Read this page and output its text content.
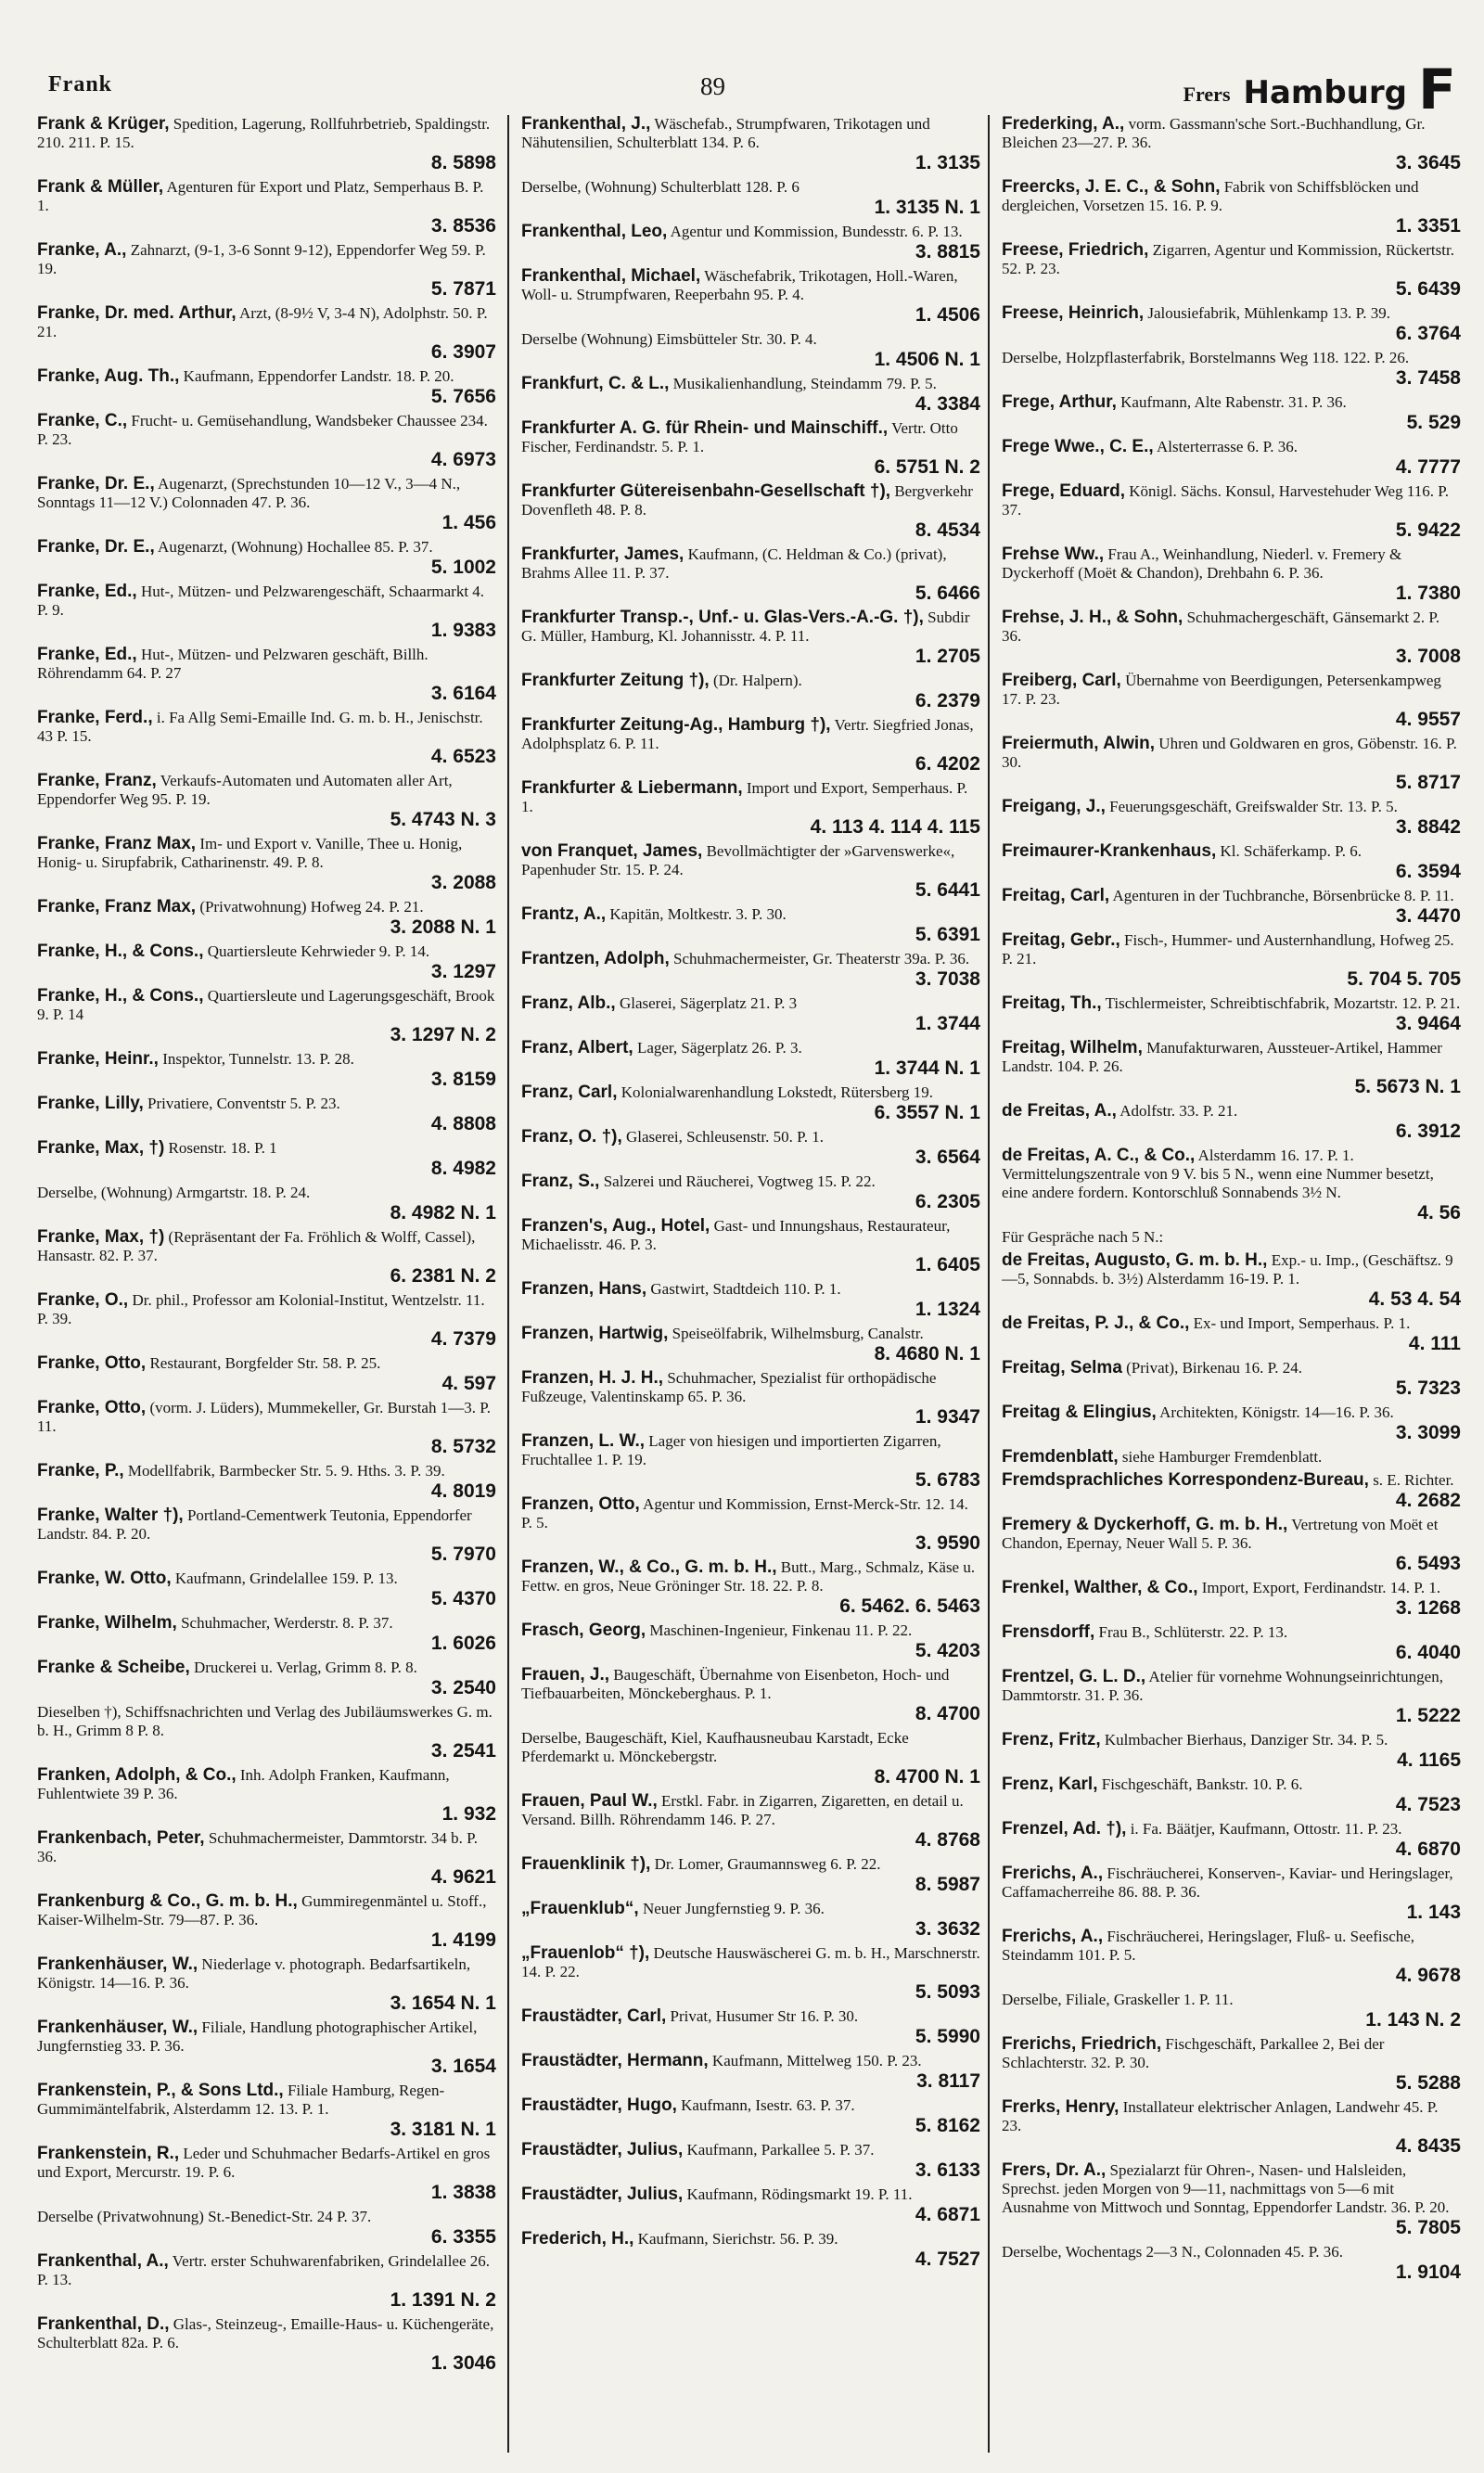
Frank	89	Frers Hamburg F
Frank & Krüger, Spedition, Lagerung, Rollfuhrbetrieb, Spaldingstr. 210. 211. P. 15.
8. 5898
Frank & Müller, Agenturen für Export und Platz, Semperhaus B. P. 1.
3. 8536
Franke, A., Zahnarzt, (9-1, 3-6 Sonnt 9-12), Eppendorfer Weg 59. P. 19.
5. 7871
Franke, Dr. med. Arthur, Arzt, (8-9½ V, 3-4 N), Adolphstr. 50. P. 21.
6. 3907
Franke, Aug. Th., Kaufmann, Eppendorfer Landstr. 18. P. 20.
5. 7656
Franke, C., Frucht- u. Gemüsehandlung, Wandsbeker Chaussee 234. P. 23.
4. 6973
Franke, Dr. E., Augenarzt, (Sprechstunden 10—12 V., 3—4 N., Sonntags 11—12 V.) Colonnaden 47. P. 36.
1. 456
Franke, Dr. E., Augenarzt, (Wohnung) Hochallee 85. P. 37.
5. 1002
Franke, Ed., Hut-, Mützen- und Pelzwarengeschäft, Schaarmarkt 4. P. 9.
1. 9383
Franke, Ed., Hut-, Mützen- und Pelzwaren geschäft, Billh. Röhrendamm 64. P. 27
3. 6164
Franke, Ferd., i. Fa Allg Semi-Emaille Ind. G. m. b. H., Jenischstr. 43 P. 15.
4. 6523
Franke, Franz, Verkaufs-Automaten und Automaten aller Art, Eppendorfer Weg 95. P. 19.
5. 4743 N. 3
Franke, Franz Max, Im- und Export v. Vanille, Thee u. Honig, Honig- u. Sirupfabrik, Catharinenstr. 49. P. 8.
3. 2088
Franke, Franz Max, (Privatwohnung) Hofweg 24. P. 21.
3. 2088 N. 1
Franke, H., & Cons., Quartiersleute Kehrwieder 9. P. 14.
3. 1297
Franke, H., & Cons., Quartiersleute und Lagerungsgeschäft, Brook 9. P. 14
3. 1297 N. 2
Franke, Heinr., Inspektor, Tunnelstr. 13. P. 28.
3. 8159
Franke, Lilly, Privatiere, Conventstr 5. P. 23.
4. 8808
Franke, Max, †) Rosenstr. 18. P. 1
8. 4982
Derselbe, (Wohnung) Armgartstr. 18. P. 24.
8. 4982 N. 1
Franke, Max, †) (Repräsentant der Fa. Fröhlich & Wolff, Cassel), Hansastr. 82. P. 37.
6. 2381 N. 2
Franke, O., Dr. phil., Professor am Kolonial-Institut, Wentzelstr. 11. P. 39.
4. 7379
Franke, Otto, Restaurant, Borgfelder Str. 58. P. 25.
4. 597
Franke, Otto, (vorm. J. Lüders), Mummekeller, Gr. Burstah 1—3. P. 11.
8. 5732
Franke, P., Modellfabrik, Barmbecker Str. 5. 9. Hths. 3. P. 39.
4. 8019
Franke, Walter †), Portland-Cementwerk Teutonia, Eppendorfer Landstr. 84. P. 20.
5. 7970
Franke, W. Otto, Kaufmann, Grindelallee 159. P. 13.
5. 4370
Franke, Wilhelm, Schuhmacher, Werderstr. 8. P. 37.
1. 6026
Franke & Scheibe, Druckerei u. Verlag, Grimm 8. P. 8.
3. 2540
Dieselben †), Schiffsnachrichten und Verlag des Jubiläumswerkes G. m. b. H., Grimm 8 P. 8.
3. 2541
Franken, Adolph, & Co., Inh. Adolph Franken, Kaufmann, Fuhlentwiete 39 P. 36.
1. 932
Frankenbach, Peter, Schuhmachermeister, Dammtorstr. 34 b. P. 36.
4. 9621
Frankenburg & Co., G. m. b. H., Gummiregenmäntel u. Stoff., Kaiser-Wilhelm-Str. 79—87. P. 36.
1. 4199
Frankenhäuser, W., Niederlage v. photograph. Bedarfsartikeln, Königstr. 14—16. P. 36.
3. 1654 N. 1
Frankenhäuser, W., Filiale, Handlung photographischer Artikel, Jungfernstieg 33. P. 36.
3. 1654
Frankenstein, P., & Sons Ltd., Filiale Hamburg, Regen-Gummimäntelfabrik, Alsterdamm 12. 13. P. 1.
3. 3181 N. 1
Frankenstein, R., Leder und Schuhmacher Bedarfs-Artikel en gros und Export, Mercurstr. 19. P. 6.
1. 3838
Derselbe (Privatwohnung) St.-Benedict-Str. 24 P. 37.
6. 3355
Frankenthal, A., Vertr. erster Schuhwarenfabriken, Grindelallee 26. P. 13.
1. 1391 N. 2
Frankenthal, D., Glas-, Steinzeug-, Emaille-Haus- u. Küchengeräte, Schulterblatt 82a. P. 6.
1. 3046
Frankenthal, J., Wäschefab., Strumpfwaren, Trikotagen und Nähutensilien, Schulterblatt 134. P. 6.
1. 3135
Derselbe, (Wohnung) Schulterblatt 128. P. 6
1. 3135 N. 1
Frankenthal, Leo, Agentur und Kommission, Bundesstr. 6. P. 13.
3. 8815
Frankenthal, Michael, Wäschefabrik, Trikotagen, Holl.-Waren, Woll- u. Strumpfwaren, Reeperbahn 95. P. 4.
1. 4506
Derselbe (Wohnung) Eimsbütteler Str. 30. P. 4.
1. 4506 N. 1
Frankfurt, C. & L., Musikalienhandlung, Steindamm 79. P. 5.
4. 3384
Frankfurter A. G. für Rhein- und Mainschiff., Vertr. Otto Fischer, Ferdinandstr. 5. P. 1.
6. 5751 N. 2
Frankfurter Gütereisenbahn-Gesellschaft †), Bergverkehr Dovenfleth 48. P. 8.
8. 4534
Frankfurter, James, Kaufmann, (C. Heldman & Co.) (privat), Brahms Allee 11. P. 37.
5. 6466
Frankfurter Transp.-, Unf.- u. Glas-Vers.-A.-G. †), Subdir G. Müller, Hamburg, Kl. Johannisstr. 4. P. 11.
1. 2705
Frankfurter Zeitung †), (Dr. Halpern).
6. 2379
Frankfurter Zeitung-Ag., Hamburg †), Vertr. Siegfried Jonas, Adolphsplatz 6. P. 11.
6. 4202
Frankfurter & Liebermann, Import und Export, Semperhaus. P. 1.
4. 113 4. 114 4. 115
von Franquet, James, Bevollmächtigter der »Garvenswerke«, Papenhuder Str. 15. P. 24.
5. 6441
Frantz, A., Kapitän, Moltkestr. 3. P. 30.
5. 6391
Frantzen, Adolph, Schuhmachermeister, Gr. Theaterstr 39a. P. 36.
3. 7038
Franz, Alb., Glaserei, Sägerplatz 21. P. 3
1. 3744
Franz, Albert, Lager, Sägerplatz 26. P. 3.
1. 3744 N. 1
Franz, Carl, Kolonialwarenhandlung Lokstedt, Rütersberg 19.
6. 3557 N. 1
Franz, O. †), Glaserei, Schleusenstr. 50. P. 1.
3. 6564
Franz, S., Salzerei und Räucherei, Vogtweg 15. P. 22.
6. 2305
Franzen's, Aug., Hotel, Gast- und Innungshaus, Restaurateur, Michaelisstr. 46. P. 3.
1. 6405
Franzen, Hans, Gastwirt, Stadtdeich 110. P. 1.
1. 1324
Franzen, Hartwig, Speiseölfabrik, Wilhelmsburg, Canalstr.
8. 4680 N. 1
Franzen, H. J. H., Schuhmacher, Spezialist für orthopädische Fußzeuge, Valentinskamp 65. P. 36.
1. 9347
Franzen, L. W., Lager von hiesigen und importierten Zigarren, Fruchtallee 1. P. 19.
5. 6783
Franzen, Otto, Agentur und Kommission, Ernst-Merck-Str. 12. 14. P. 5.
3. 9590
Franzen, W., & Co., G. m. b. H., Butt., Marg., Schmalz, Käse u. Fettw. en gros, Neue Gröninger Str. 18. 22. P. 8.
6. 5462. 6. 5463
Frasch, Georg, Maschinen-Ingenieur, Finkenau 11. P. 22.
5. 4203
Frauen, J., Baugeschäft, Übernahme von Eisenbeton, Hoch- und Tiefbauarbeiten, Mönckeberghaus. P. 1.
8. 4700
Derselbe, Baugeschäft, Kiel, Kaufhausneubau Karstadt, Ecke Pferdemarkt u. Mönckebergstr.
8. 4700 N. 1
Frauen, Paul W., Erstkl. Fabr. in Zigarren, Zigaretten, en detail u. Versand. Billh. Röhrendamm 146. P. 27.
4. 8768
Frauenklinik †), Dr. Lomer, Graumannsweg 6. P. 22.
8. 5987
„Frauenklub“, Neuer Jungfernstieg 9. P. 36.
3. 3632
„Frauenlob“ †), Deutsche Hauswäscherei G. m. b. H., Marschnerstr. 14. P. 22.
5. 5093
Fraustädter, Carl, Privat, Husumer Str 16. P. 30.
5. 5990
Fraustädter, Hermann, Kaufmann, Mittelweg 150. P. 23.
3. 8117
Fraustädter, Hugo, Kaufmann, Isestr. 63. P. 37.
5. 8162
Fraustädter, Julius, Kaufmann, Parkallee 5. P. 37.
3. 6133
Fraustädter, Julius, Kaufmann, Rödingsmarkt 19. P. 11.
4. 6871
Frederich, H., Kaufmann, Sierichstr. 56. P. 39.
4. 7527
Frederking, A., vorm. Gassmann'sche Sort.-Buchhandlung, Gr. Bleichen 23—27. P. 36.
3. 3645
Freercks, J. E. C., & Sohn, Fabrik von Schiffsblöcken und dergleichen, Vorsetzen 15. 16. P. 9.
1. 3351
Freese, Friedrich, Zigarren, Agentur und Kommission, Rückertstr. 52. P. 23.
5. 6439
Freese, Heinrich, Jalousiefabrik, Mühlenkamp 13. P. 39.
6. 3764
Derselbe, Holzpflasterfabrik, Borstelmanns Weg 118. 122. P. 26.
3. 7458
Frege, Arthur, Kaufmann, Alte Rabenstr. 31. P. 36.
5. 529
Frege Wwe., C. E., Alsterterrasse 6. P. 36.
4. 7777
Frege, Eduard, Königl. Sächs. Konsul, Harvestehuder Weg 116. P. 37.
5. 9422
Frehse Ww., Frau A., Weinhandlung, Niederl. v. Fremery & Dyckerhoff (Moët & Chandon), Drehbahn 6. P. 36.
1. 7380
Frehse, J. H., & Sohn, Schuhmachergeschäft, Gänsemarkt 2. P. 36.
3. 7008
Freiberg, Carl, Übernahme von Beerdigungen, Petersenkampweg 17. P. 23.
4. 9557
Freiermuth, Alwin, Uhren und Goldwaren en gros, Göbenstr. 16. P. 30.
5. 8717
Freigang, J., Feuerungsgeschäft, Greifswalder Str. 13. P. 5.
3. 8842
Freimaurer-Krankenhaus, Kl. Schäferkamp. P. 6.
6. 3594
Freitag, Carl, Agenturen in der Tuchbranche, Börsenbrücke 8. P. 11.
3. 4470
Freitag, Gebr., Fisch-, Hummer- und Austernhandlung, Hofweg 25. P. 21.
5. 704 5. 705
Freitag, Th., Tischlermeister, Schreibtischfabrik, Mozartstr. 12. P. 21.
3. 9464
Freitag, Wilhelm, Manufakturwaren, Aussteuer-Artikel, Hammer Landstr. 104. P. 26.
5. 5673 N. 1
de Freitas, A., Adolfstr. 33. P. 21.
6. 3912
de Freitas, A. C., & Co., Alsterdamm 16. 17. P. 1. Vermittelungszentrale von 9 V. bis 5 N., wenn eine Nummer besetzt, eine andere fordern. Kontorschluß Sonnabends 3½ N.
4. 56
Für Gespräche nach 5 N.:
de Freitas, Augusto, G. m. b. H., Exp.- u. Imp., (Geschäftsz. 9—5, Sonnabds. b. 3½) Alsterdamm 16-19. P. 1.
4. 53 4. 54
de Freitas, P. J., & Co., Ex- und Import, Semperhaus. P. 1.
4. 111
Freitag, Selma (Privat), Birkenau 16. P. 24.
5. 7323
Freitag & Elingius, Architekten, Königstr. 14—16. P. 36.
3. 3099
Fremdenblatt, siehe Hamburger Fremdenblatt.
Fremdsprachliches Korrespondenz-Bureau, s. E. Richter.
4. 2682
Fremery & Dyckerhoff, G. m. b. H., Vertretung von Moët et Chandon, Epernay, Neuer Wall 5. P. 36.
6. 5493
Frenkel, Walther, & Co., Import, Export, Ferdinandstr. 14. P. 1.
3. 1268
Frensdorff, Frau B., Schlüterstr. 22. P. 13.
6. 4040
Frentzel, G. L. D., Atelier für vornehme Wohnungseinrichtungen, Dammtorstr. 31. P. 36.
1. 5222
Frenz, Fritz, Kulmbacher Bierhaus, Danziger Str. 34. P. 5.
4. 1165
Frenz, Karl, Fischgeschäft, Bankstr. 10. P. 6.
4. 7523
Frenzel, Ad. †), i. Fa. Bäätjer, Kaufmann, Ottostr. 11. P. 23.
4. 6870
Frerichs, A., Fischräucherei, Konserven-, Kaviar- und Heringslager, Caffamacherreihe 86. 88. P. 36.
1. 143
Frerichs, A., Fischräucherei, Heringslager, Fluß- u. Seefische, Steindamm 101. P. 5.
4. 9678
Derselbe, Filiale, Graskeller 1. P. 11.
1. 143 N. 2
Frerichs, Friedrich, Fischgeschäft, Parkallee 2, Bei der Schlachterstr. 32. P. 30.
5. 5288
Frerks, Henry, Installateur elektrischer Anlagen, Landwehr 45. P. 23.
4. 8435
Frers, Dr. A., Spezialarzt für Ohren-, Nasen- und Halsleiden, Sprechst. jeden Morgen von 9—11, nachmittags von 5—6 mit Ausnahme von Mittwoch und Sonntag, Eppendorfer Landstr. 36. P. 20.
5. 7805
Derselbe, Wochentags 2—3 N., Colonnaden 45. P. 36.
1. 9104
